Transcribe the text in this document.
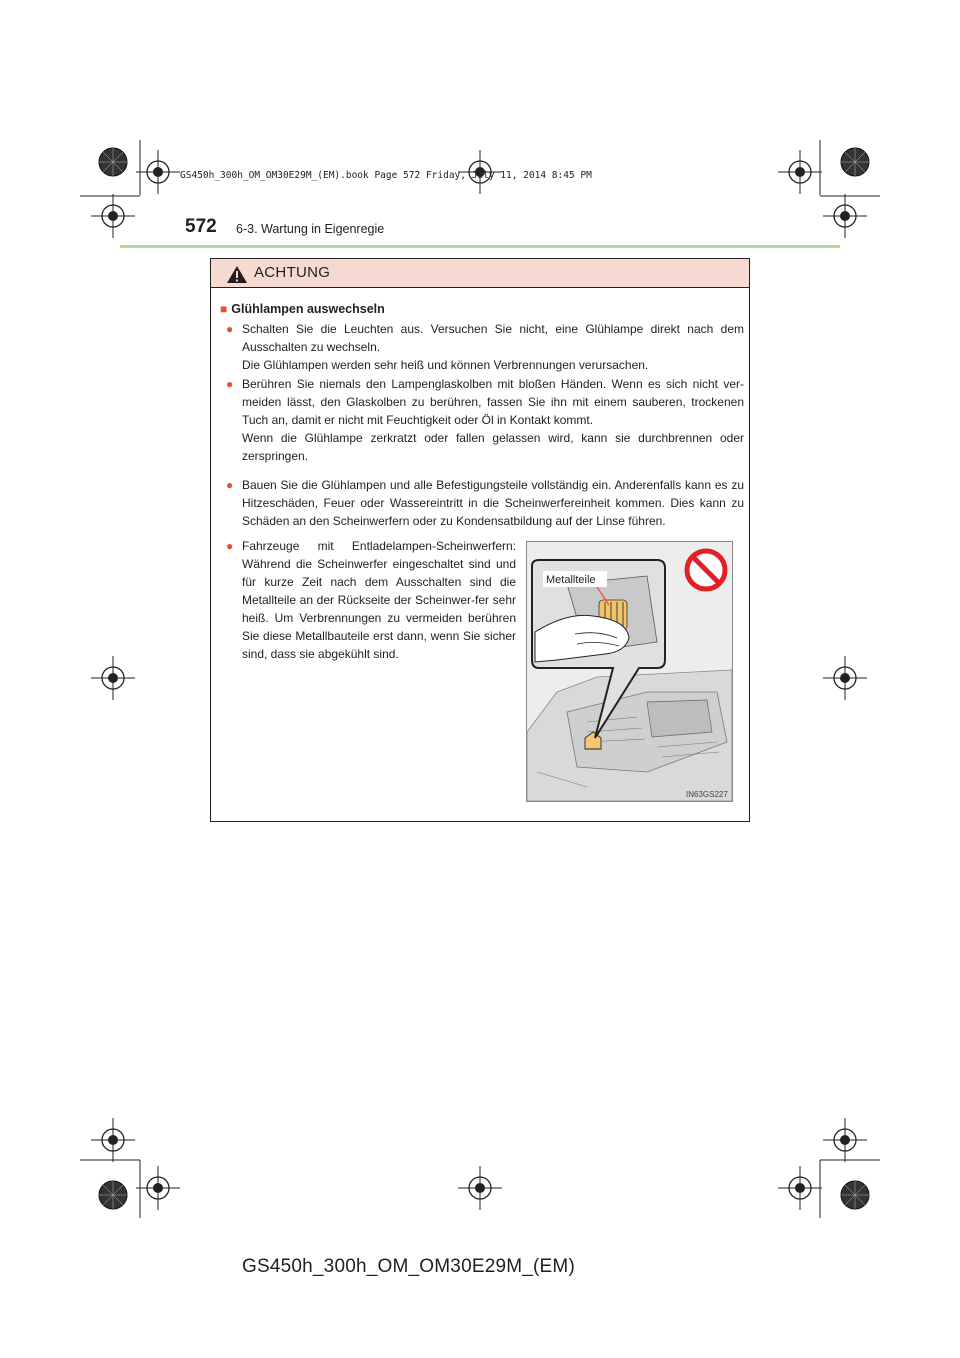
GS450h_300h_OM_OM30E29M_(EM).book Page 572 Friday, July 11, 2014 8:45 PM
572 6-3. Wartung in Eigenregie
ACHTUNG
■ Glühlampen auswechseln
● Schalten Sie die Leuchten aus. Versuchen Sie nicht, eine Glühlampe direkt nach dem Ausschalten zu wechseln.

Die Glühlampen werden sehr heiß und können Verbrennungen verursachen.

● Berühren Sie niemals den Lampenglaskolben mit bloßen Händen. Wenn es sich nicht ver-meiden lässt, den Glaskolben zu berühren, fassen Sie ihn mit einem sauberen, trockenen Tuch an, damit er nicht mit Feuchtigkeit oder Öl in Kontakt kommt.

Wenn die Glühlampe zerkratzt oder fallen gelassen wird, kann sie durchbrennen oder zerspringen.

● Bauen Sie die Glühlampen und alle Befestigungsteile vollständig ein. Anderenfalls kann es zu Hitzeschäden, Feuer oder Wassereintritt in die Scheinwerfereinheit kommen. Dies kann zu Schäden an den Scheinwerfern oder zu Kondensatbildung auf der Linse führen.

● Fahrzeuge mit Entladelampen-Scheinwerfern: Während die Scheinwerfer eingeschaltet sind und für kurze Zeit nach dem Ausschalten sind die Metallteile an der Rückseite der Scheinwer-fer sehr heiß. Um Verbrennungen zu vermeiden berühren Sie diese Metallbauteile erst dann, wenn Sie sicher sind, dass sie abgekühlt sind.

Metallteile
IN63GS227
GS450h_300h_OM_OM30E29M_(EM)
